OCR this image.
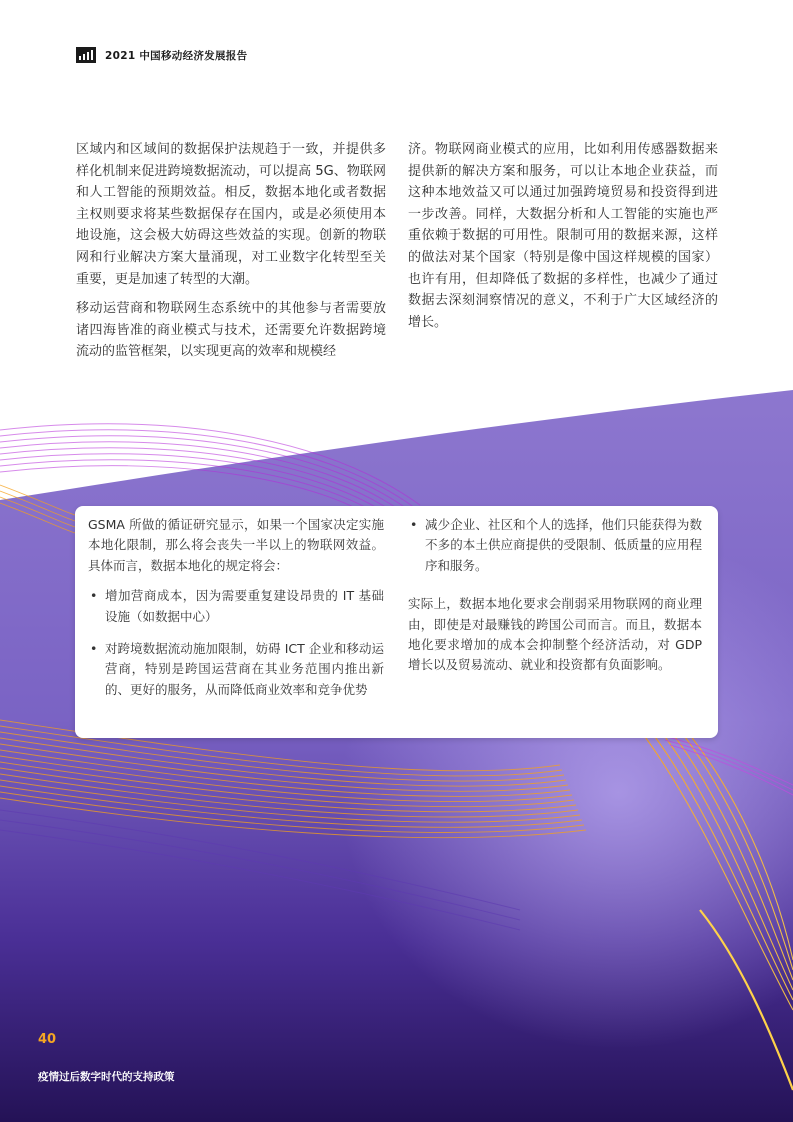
2021 中国移动经济发展报告

区域内和区域间的数据保护法规趋于一致，并提供多样化机制来促进跨境数据流动，可以提高 5G、物联网和人工智能的预期效益。相反，数据本地化或者数据主权则要求将某些数据保存在国内，或是必须使用本地设施，这会极大妨碍这些效益的实现。创新的物联网和行业解决方案大量涌现，对工业数字化转型至关重要，更是加速了转型的大潮。

移动运营商和物联网生态系统中的其他参与者需要放诸四海皆准的商业模式与技术，还需要允许数据跨境流动的监管框架，以实现更高的效率和规模经

济。物联网商业模式的应用，比如利用传感器数据来提供新的解决方案和服务，可以让本地企业获益，而这种本地效益又可以通过加强跨境贸易和投资得到进一步改善。同样，大数据分析和人工智能的实施也严重依赖于数据的可用性。限制可用的数据来源，这样的做法对某个国家（特别是像中国这样规模的国家）也许有用，但却降低了数据的多样性，也减少了通过数据去深刻洞察情况的意义，不利于广大区域经济的增长。

GSMA 所做的循证研究显示，如果一个国家决定实施本地化限制，那么将会丧失一半以上的物联网效益。具体而言，数据本地化的规定将会：

• 增加营商成本，因为需要重复建设昂贵的 IT 基础设施（如数据中心）
• 对跨境数据流动施加限制，妨碍 ICT 企业和移动运营商，特别是跨国运营商在其业务范围内推出新的、更好的服务，从而降低商业效率和竞争优势
• 减少企业、社区和个人的选择，他们只能获得为数不多的本土供应商提供的受限制、低质量的应用程序和服务。

实际上，数据本地化要求会削弱采用物联网的商业理由，即使是对最赚钱的跨国公司而言。而且，数据本地化要求增加的成本会抑制整个经济活动，对 GDP 增长以及贸易流动、就业和投资都有负面影响。

40
疫情过后数字时代的支持政策
